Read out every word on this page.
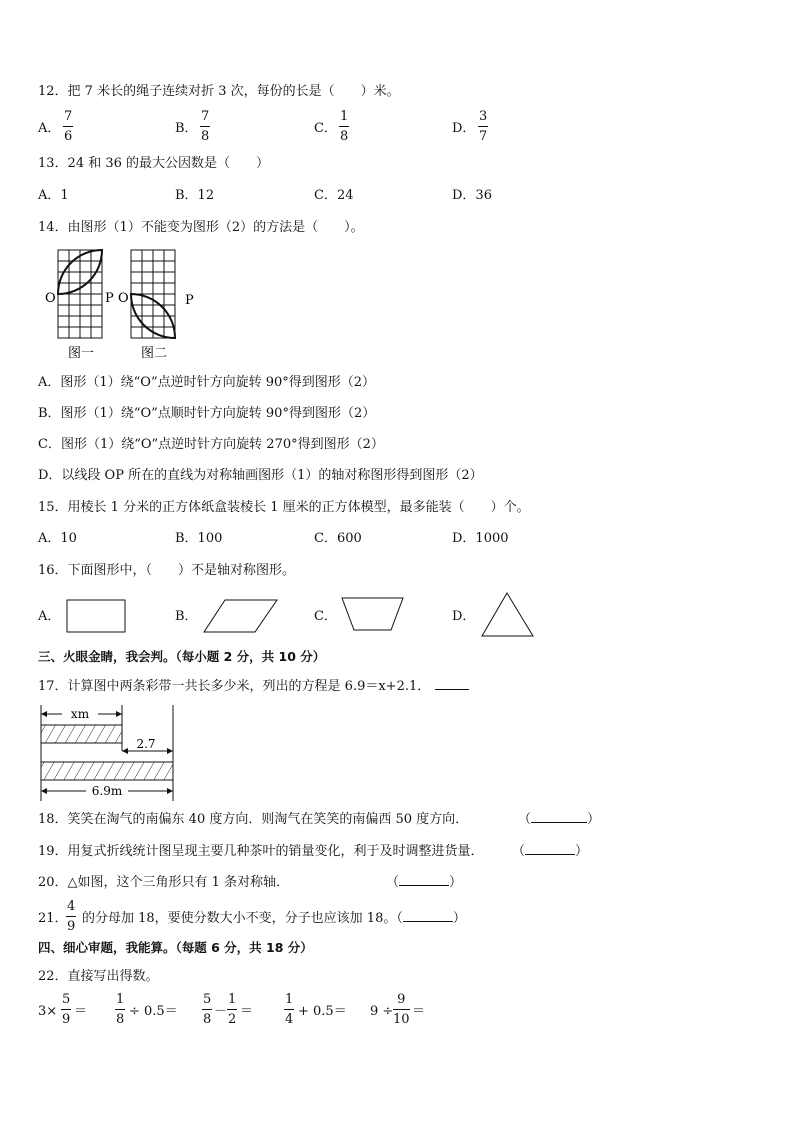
12．把 7 米长的绳子连续对折 3 次，每份的长是（　　）米。
A．
7
6
B．
7
8
C．
1
8
D．
3
7
13．24 和 36 的最大公因数是（　　）
A．1	B．12	C．24	D．36
14．由图形（1）不能变为图形（2）的方法是（　　）。
O	P
图一
O	P
图二
A．图形（1）绕“O”点逆时针方向旋转 90°得到图形（2）
B．图形（1）绕“O”点顺时针方向旋转 90°得到图形（2）
C．图形（1）绕“O”点逆时针方向旋转 270°得到图形（2）
D．以线段 OP 所在的直线为对称轴画图形（1）的轴对称图形得到图形（2）
15．用棱长 1 分米的正方体纸盒装棱长 1 厘米的正方体模型，最多能装（　　）个。
A．10	B．100	C．600	D．1000
16．下面图形中，（　　）不是轴对称图形。
A．	B．	C．	D．
三、火眼金睛，我会判。（每小题 2 分，共 10 分）
17．计算图中两条彩带一共长多少米，列出的方程是 6.9＝x+2.1．
xm
2.7
6.9m
18．笑笑在淘气的南偏东 40 度方向．则淘气在笑笑的南偏西 50 度方向．	（	）
19．用复式折线统计图呈现主要几种茶叶的销量变化，利于及时调整进货量． （	）
20．△如图，这个三角形只有 1 条对称轴．	（	）
21．
4
9
的分母加 18，要使分数大小不变，分子也应该加 18。（	）
四、细心审题，我能算。（每题 6 分，共 18 分）
22．直接写出得数。
3×
5
9
＝
1
8
÷ 0.5＝
5
8
－
1
2
＝
1
4
+ 0.5＝ 9 ÷
9
10
＝
